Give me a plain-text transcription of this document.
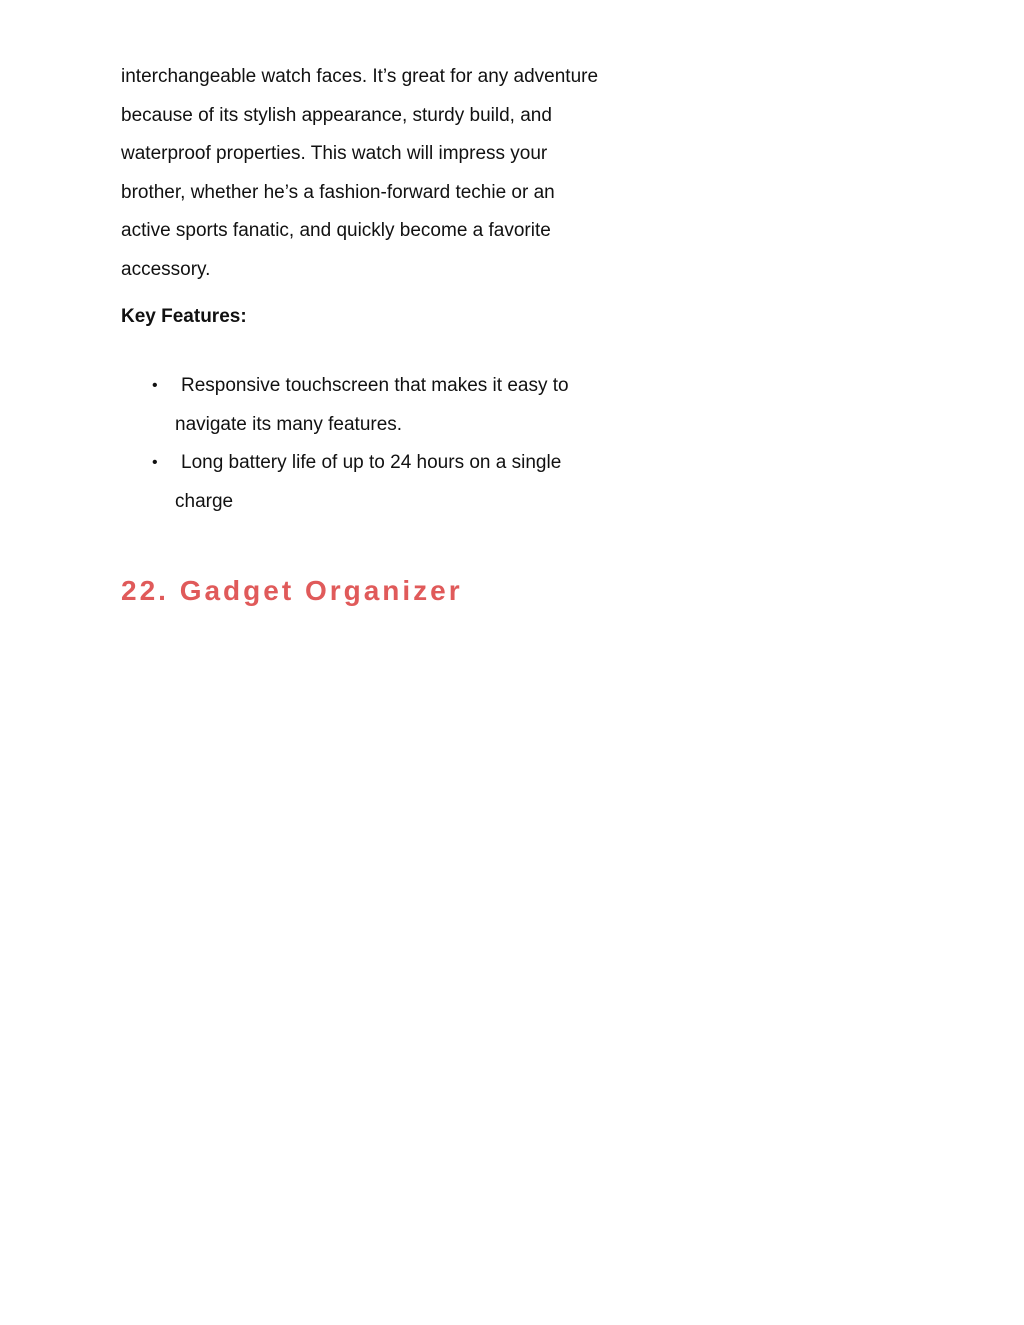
interchangeable watch faces. It’s great for any adventure

because of its stylish appearance, sturdy build, and

waterproof properties. This watch will impress your

brother, whether he’s a fashion-forward techie or an

active sports fanatic, and quickly become a favorite

accessory.

Key Features:

•	Responsive touchscreen that makes it easy to
navigate its many features.
•	Long battery life of up to 24 hours on a single
charge
22. Gadget Organizer
